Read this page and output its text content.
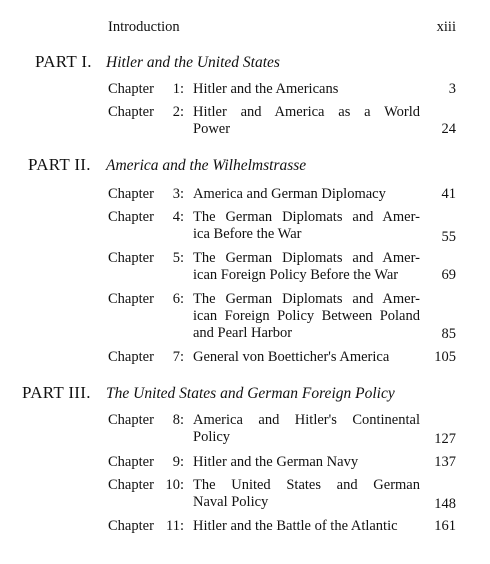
Introduction	xiii
PART I. Hitler and the United States
Chapter	1: Hitler and the Americans	3
Chapter	2: Hitler and America as a World
Power	24
PART II. America and the Wilhelmstrasse
Chapter	3: America and German Diplomacy	41
Chapter	4: The German Diplomats and Amer-
ica Before the War	55
Chapter	5: The German Diplomats and Amer-
ican Foreign Policy Before the War	69
Chapter	6: The German Diplomats and Amer-
ican Foreign Policy Between Poland
and Pearl Harbor	85
Chapter	7: General von Boetticher's America	105
PART III. The United States and German Foreign Policy
Chapter	8: America and Hitler's Continental
Policy	127
Chapter	9: Hitler and the German Navy	137
Chapter 10: The United States and German
Naval Policy	148
Chapter 11: Hitler and the Battle of the Atlantic	161
